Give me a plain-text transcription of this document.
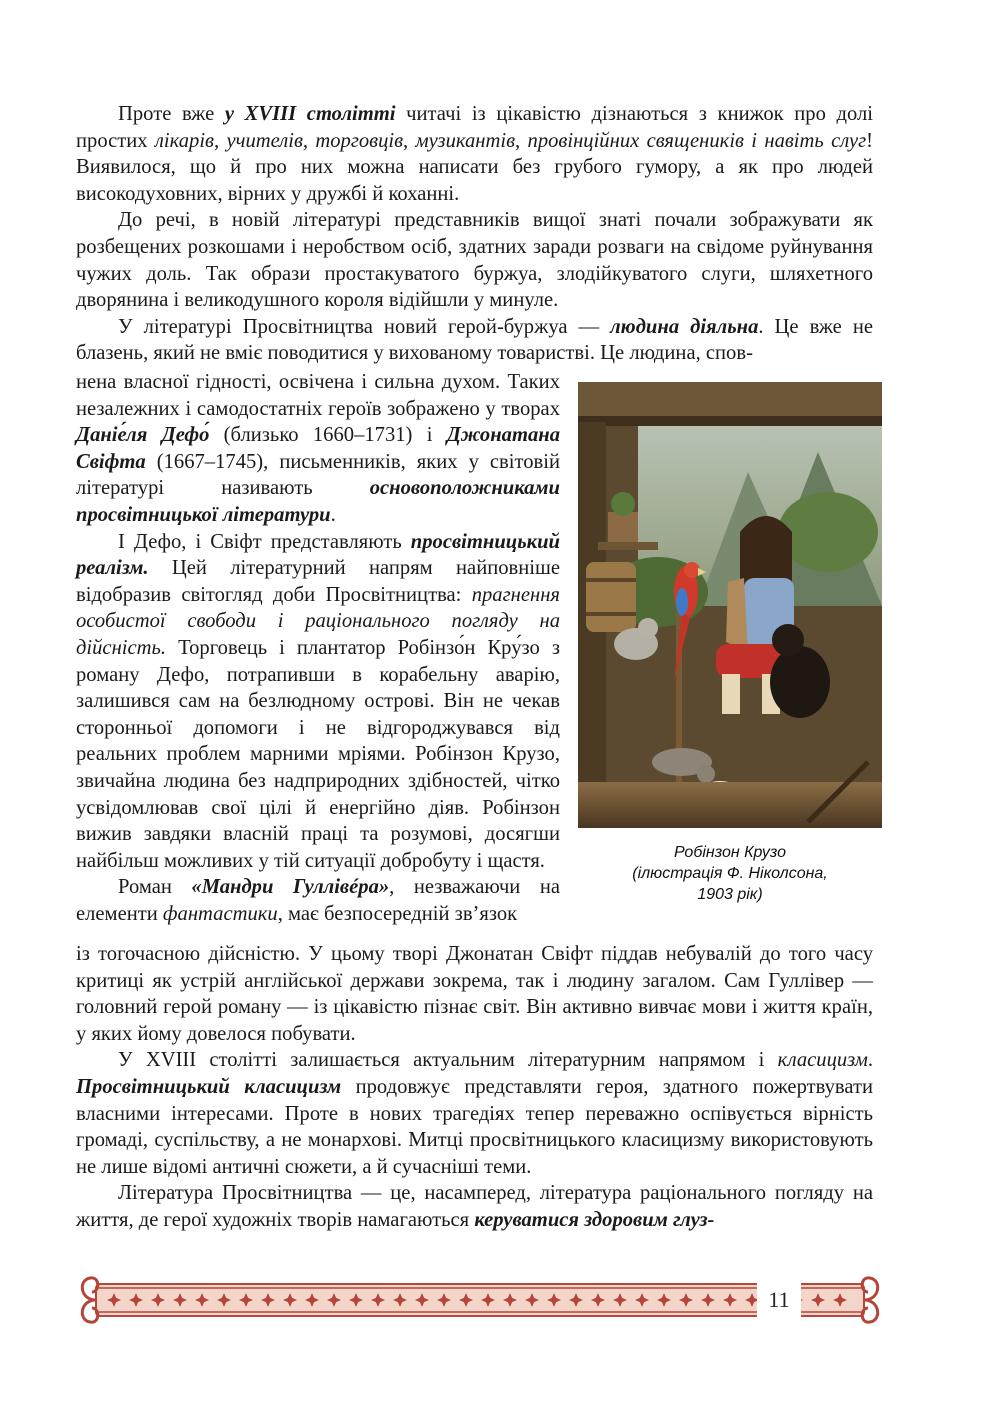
Проте вже у XVIII столітті читачі із цікавістю дізнаються з книжок про долі простих лікарів, учителів, торговців, музикантів, провінційних священиків і навіть слуг! Виявилося, що й про них можна написати без грубого гумору, а як про людей високодуховних, вірних у дружбі й коханні.

До речі, в новій літературі представників вищої знаті почали зображувати як розбещених розкошами і неробством осіб, здатних заради розваги на свідоме руйнування чужих доль. Так образи простакуватого буржуа, злодійкуватого слуги, шляхетного дворянина і великодушного короля відійшли у минуле.

У літературі Просвітництва новий герой-буржуа — людина діяльна. Це вже не блазень, який не вміє поводитися у вихованому товаристві. Це людина, спов-

нена власної гідності, освічена і сильна духом. Таких незалежних і самодостатніх героїв зображено у творах Даніе́ля Дефо́ (близько 1660–1731) і Джонатана Свіфта (1667–1745), письменників, яких у світовій літературі називають основоположниками просвітницької літератури.

І Дефо, і Свіфт представляють просвітницький реалізм. Цей літературний напрям найповніше відобразив світогляд доби Просвітництва: прагнення особистої свободи і раціонального погляду на дійсність. Торговець і плантатор Робінзо́н Кру́зо з роману Дефо, потрапивши в корабельну аварію, залишився сам на безлюдному острові. Він не чекав сторонньої допомоги і не відгороджувався від реальних проблем марними мріями. Робінзон Крузо, звичайна людина без надприродних здібностей, чітко усвідомлював свої цілі й енергійно діяв. Робінзон вижив завдяки власній праці та розумові, досягши найбільш можливих у тій ситуації добробуту і щастя.

Роман «Мандри Гуллівéра», незважаючи на елементи фантастики, має безпосередній зв’язок

Робінзон Крузо
(ілюстрація Ф. Ніколсона,
1903 рік)

із тогочасною дійсністю. У цьому творі Джонатан Свіфт піддав небувалій до того часу критиці як устрій англійської держави зокрема, так і людину загалом. Сам Гуллівер — головний герой роману — із цікавістю пізнає світ. Він активно вивчає мови і життя країн, у яких йому довелося побувати.

У XVIII столітті залишається актуальним літературним напрямом і класицизм. Просвітницький класицизм продовжує представляти героя, здатного пожертвувати власними інтересами. Проте в нових трагедіях тепер переважно оспівується вірність громаді, суспільству, а не монархові. Митці просвітницького класицизму використовують не лише відомі античні сюжети, а й сучасніші теми.

Література Просвітництва — це, насамперед, література раціонального погляду на життя, де герої художніх творів намагаються керуватися здоровим глуз-

11
